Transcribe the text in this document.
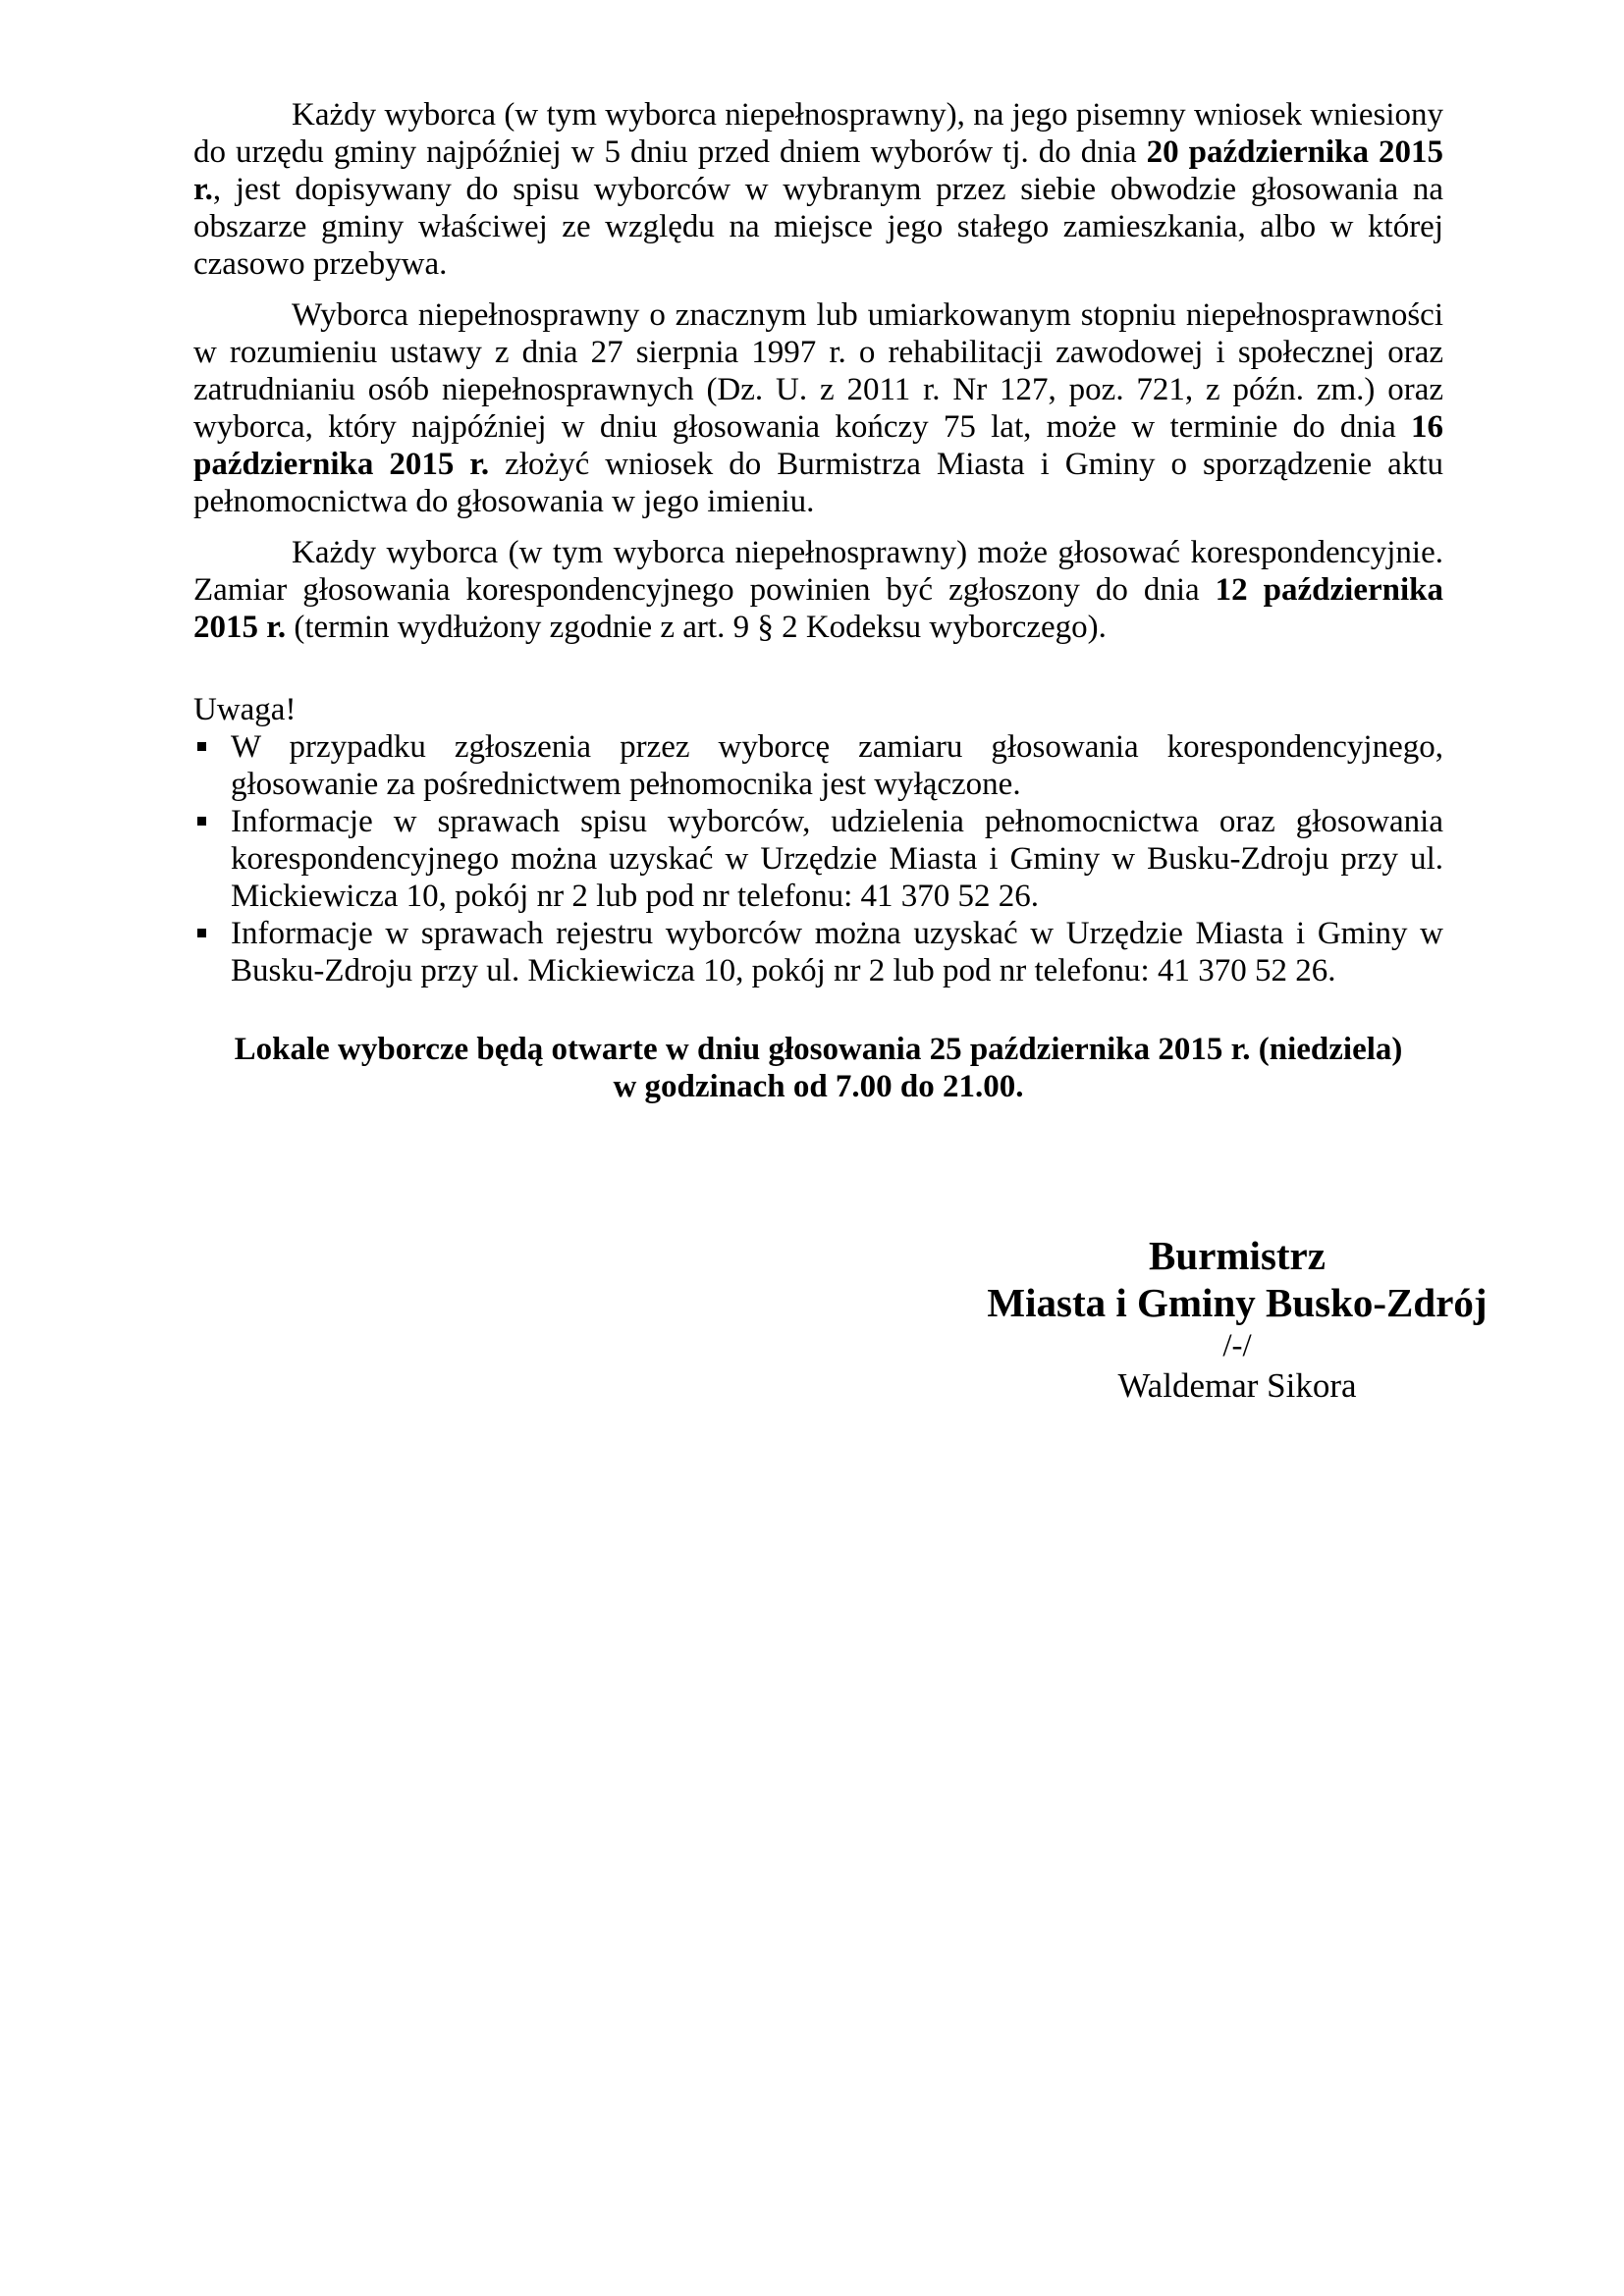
Każdy wyborca (w tym wyborca niepełnosprawny), na jego pisemny wniosek wniesiony do urzędu gminy najpóźniej w 5 dniu przed dniem wyborów tj. do dnia 20 października 2015 r., jest dopisywany do spisu wyborców w wybranym przez siebie obwodzie głosowania na obszarze gminy właściwej ze względu na miejsce jego stałego zamieszkania, albo w której czasowo przebywa.

Wyborca niepełnosprawny o znacznym lub umiarkowanym stopniu niepełnosprawności w rozumieniu ustawy z dnia 27 sierpnia 1997 r. o rehabilitacji zawodowej i społecznej oraz zatrudnianiu osób niepełnosprawnych (Dz. U. z 2011 r. Nr 127, poz. 721, z późn. zm.) oraz wyborca, który najpóźniej w dniu głosowania kończy 75 lat, może w terminie do dnia 16 października 2015 r. złożyć wniosek do Burmistrza Miasta i Gminy o sporządzenie aktu pełnomocnictwa do głosowania w jego imieniu.

Każdy wyborca (w tym wyborca niepełnosprawny) może głosować korespondencyjnie. Zamiar głosowania korespondencyjnego powinien być zgłoszony do dnia 12 października 2015 r. (termin wydłużony zgodnie z art. 9 § 2 Kodeksu wyborczego).

Uwaga!
W przypadku zgłoszenia przez wyborcę zamiaru głosowania korespondencyjnego, głosowanie za pośrednictwem pełnomocnika jest wyłączone.
Informacje w sprawach spisu wyborców, udzielenia pełnomocnictwa oraz głosowania korespondencyjnego można uzyskać w Urzędzie Miasta i Gminy w Busku-Zdroju przy ul. Mickiewicza 10, pokój nr 2 lub pod nr telefonu: 41 370 52 26.
Informacje w sprawach rejestru wyborców można uzyskać w Urzędzie Miasta i Gminy w Busku-Zdroju przy ul. Mickiewicza 10, pokój nr 2 lub pod nr telefonu: 41 370 52 26.
Lokale wyborcze będą otwarte w dniu głosowania 25 października 2015 r. (niedziela)
w godzinach od 7.00 do 21.00.
Burmistrz
Miasta i Gminy Busko-Zdrój
/-/
Waldemar Sikora
